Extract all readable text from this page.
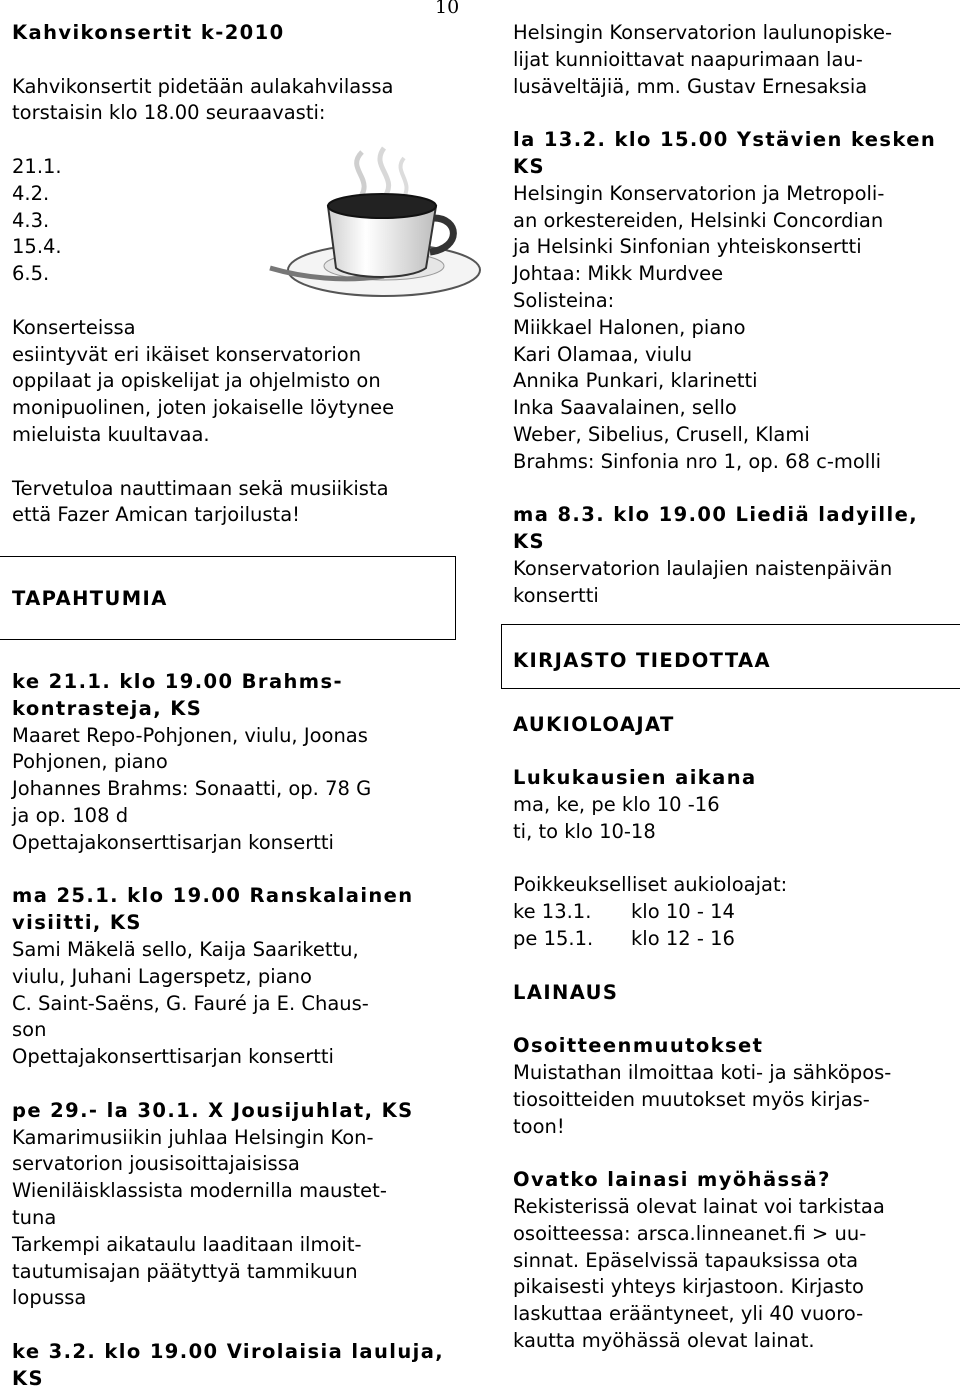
10

Kahvikonsertit k-2010

Kahvikonsertit pidetään aulakahvilassa

torstaisin klo 18.00 seuraavasti:

21.1.

4.2.

4.3.

15.4.

6.5.

Konserteissa

esiintyvät eri ikäiset konservatorion

oppilaat ja opiskelijat ja ohjelmisto on

monipuolinen, joten jokaiselle löytynee

mieluista kuultavaa.

Tervetuloa nauttimaan sekä musiikista

että Fazer Amican tarjoilusta!

TAPAHTUMIA

ke 21.1. klo 19.00 Brahms-

kontrasteja, KS

Maaret Repo-Pohjonen, viulu, Joonas

Pohjonen, piano

Johannes Brahms: Sonaatti, op. 78 G

ja op. 108 d

Opettajakonserttisarjan konsertti

ma 25.1. klo 19.00 Ranskalainen

visiitti, KS

Sami Mäkelä sello, Kaija Saarikettu,

viulu, Juhani Lagerspetz, piano

C. Saint-Saëns, G. Fauré ja E. Chaus-

son

Opettajakonserttisarjan konsertti

pe 29.- la 30.1. X Jousijuhlat, KS

Kamarimusiikin juhlaa Helsingin Kon-

servatorion jousisoittajaisissa

Wieniläisklassista modernilla maustet-

tuna

Tarkempi aikataulu laaditaan ilmoit-

tautumisajan päätyttyä tammikuun

lopussa

ke 3.2. klo 19.00 Virolaisia lauluja,

KS

Helsingin Konservatorion laulunopiske-

lijat kunnioittavat naapurimaan lau-

lusäveltäjiä, mm. Gustav Ernesaksia

la 13.2. klo 15.00 Ystävien kesken

KS

Helsingin Konservatorion ja Metropoli-

an orkestereiden, Helsinki Concordian

ja Helsinki Sinfonian yhteiskonsertti

Johtaa: Mikk Murdvee

Solisteina:

Miikkael Halonen, piano

Kari Olamaa, viulu

Annika Punkari, klarinetti

Inka Saavalainen, sello

Weber, Sibelius, Crusell, Klami

Brahms: Sinfonia nro 1, op. 68 c-molli

ma 8.3. klo 19.00 Liediä ladyille,

KS

Konservatorion laulajien naistenpäivän

konsertti

KIRJASTO TIEDOTTAA

AUKIOLOAJAT

Lukukausien aikana

ma, ke, pe klo 10 -16

ti, to klo 10-18

Poikkeukselliset aukioloajat:

ke 13.1. klo 10 - 14

pe 15.1. klo 12 - 16

LAINAUS

Osoitteenmuutokset

Muistathan ilmoittaa koti- ja sähköpos-

tiosoitteiden muutokset myös kirjas-

toon!

Ovatko lainasi myöhässä?

Rekisterissä olevat lainat voi tarkistaa

osoitteessa: arsca.linneanet.fi > uu-

sinnat. Epäselvissä tapauksissa ota

pikaisesti yhteys kirjastoon. Kirjasto

laskuttaa erääntyneet, yli 40 vuoro-

kautta myöhässä olevat lainat.
